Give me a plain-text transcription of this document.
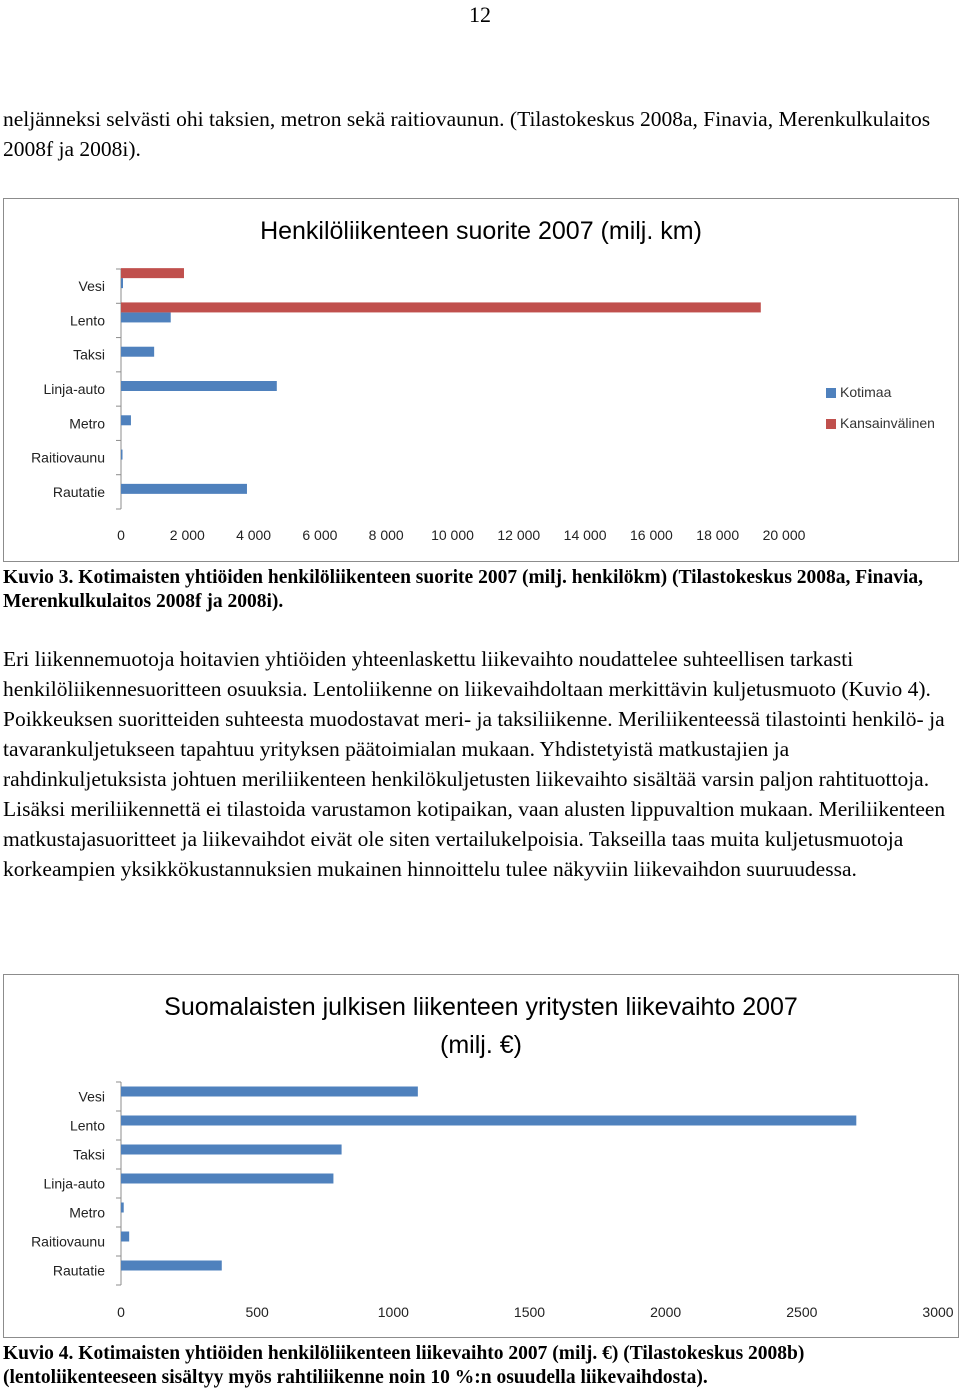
12

neljänneksi selvästi ohi taksien, metron sekä raitiovaunun. (Tilastokeskus 2008a, Finavia, Merenkulkulaitos 2008f ja 2008i).

Henkilöliikenteen suorite 2007 (milj. km)
Vesi
Lento
Taksi
Linja-auto
Metro
Raitiovaunu
Rautatie
0	2 000 4 000 6 000 8 000 10 000 12 000 14 000 16 000 18 000 20 000
Kotimaa
Kansainvälinen

Kuvio 3. Kotimaisten yhtiöiden henkilöliikenteen suorite 2007 (milj. henkilökm) (Tilastokeskus 2008a, Finavia, Merenkulkulaitos 2008f ja 2008i).

Eri liikennemuotoja hoitavien yhtiöiden yhteenlaskettu liikevaihto noudattelee suhteellisen tarkasti henkilöliikennesuoritteen osuuksia. Lentoliikenne on liikevaihdoltaan merkittävin kuljetusmuoto (Kuvio 4). Poikkeuksen suoritteiden suhteesta muodostavat meri- ja taksiliikenne. Meriliikenteessä tilastointi henkilö- ja tavarankuljetukseen tapahtuu yrityksen päätoimialan mukaan. Yhdistetyistä matkustajien ja rahdinkuljetuksista johtuen meriliikenteen henkilökuljetusten liikevaihto sisältää varsin paljon rahtituottoja. Lisäksi meriliikennettä ei tilastoida varustamon kotipaikan, vaan alusten lippuvaltion mukaan. Meriliikenteen matkustajasuoritteet ja liikevaihdot eivät ole siten vertailukelpoisia. Takseilla taas muita kuljetusmuotoja korkeampien yksikkökustannuksien mukainen hinnoittelu tulee näkyviin liikevaihdon suuruudessa.

Suomalaisten julkisen liikenteen yritysten liikevaihto 2007
(milj. €)
Vesi
Lento
Taksi
Linja-auto
Metro
Raitiovaunu
Rautatie
0	500	1000	1500	2000	2500	3000

Kuvio 4. Kotimaisten yhtiöiden henkilöliikenteen liikevaihto 2007 (milj. €) (Tilastokeskus 2008b)

(lentoliikenteeseen sisältyy myös rahtiliikenne noin 10 %:n osuudella liikevaihdosta).
